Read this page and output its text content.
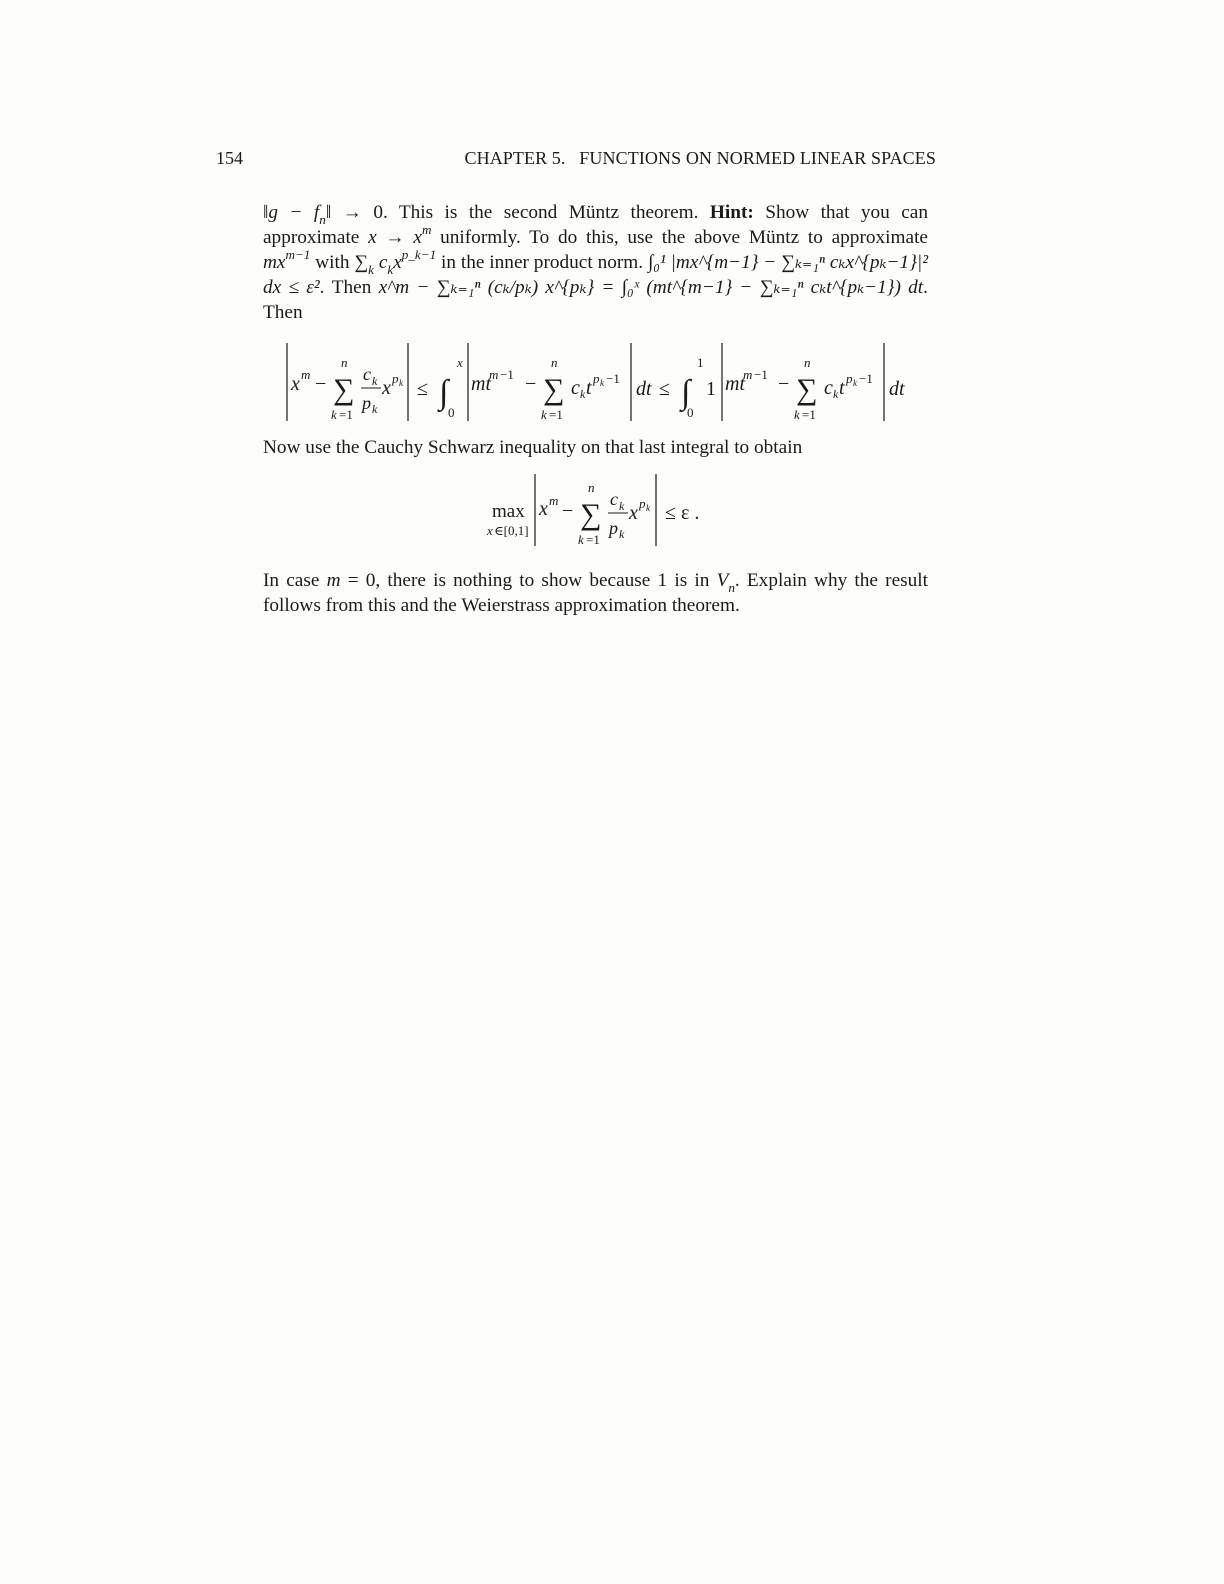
154	CHAPTER 5.   FUNCTIONS ON NORMED LINEAR SPACES

‖g − $f_n‖ \to 0$. This is the second Müntz theorem. Hint: Show that you can approximate $x \to x^m$ uniformly. To do this, use the above Müntz to approximate $mx^{m-1}$ with $\sum_k$ $c_kx^{p\_k-1}$ in the inner product norm. ∫₀¹ |mx^{m−1} − ∑ₖ₌₁ⁿ cₖx^{pₖ−1}|² dx ≤ ε². Then x^m − ∑ₖ₌₁ⁿ (cₖ/pₖ) x^{pₖ} = ∫₀ˣ (mt^{m−1} − ∑ₖ₌₁ⁿ cₖt^{pₖ−1}) dt. Then

x m −
n
∑
k =1
c k
p k
x p k ≤ ∫
x
0
mt
m −1 −
n
∑
k =1
c k t p k −1 dt ≤ ∫
1
0
1 mt
m −1 −
n
∑
k =1
c k t p k −1 dt

Now use the Cauchy Schwarz inequality on that last integral to obtain

max
x ∈[0,1]
x m −
n
∑
k =1
c k
p k
x p k ≤ ε .

In case m = 0, there is nothing to show because 1 is in $V_n$. Explain why the result follows from this and the Weierstrass approximation theorem.
